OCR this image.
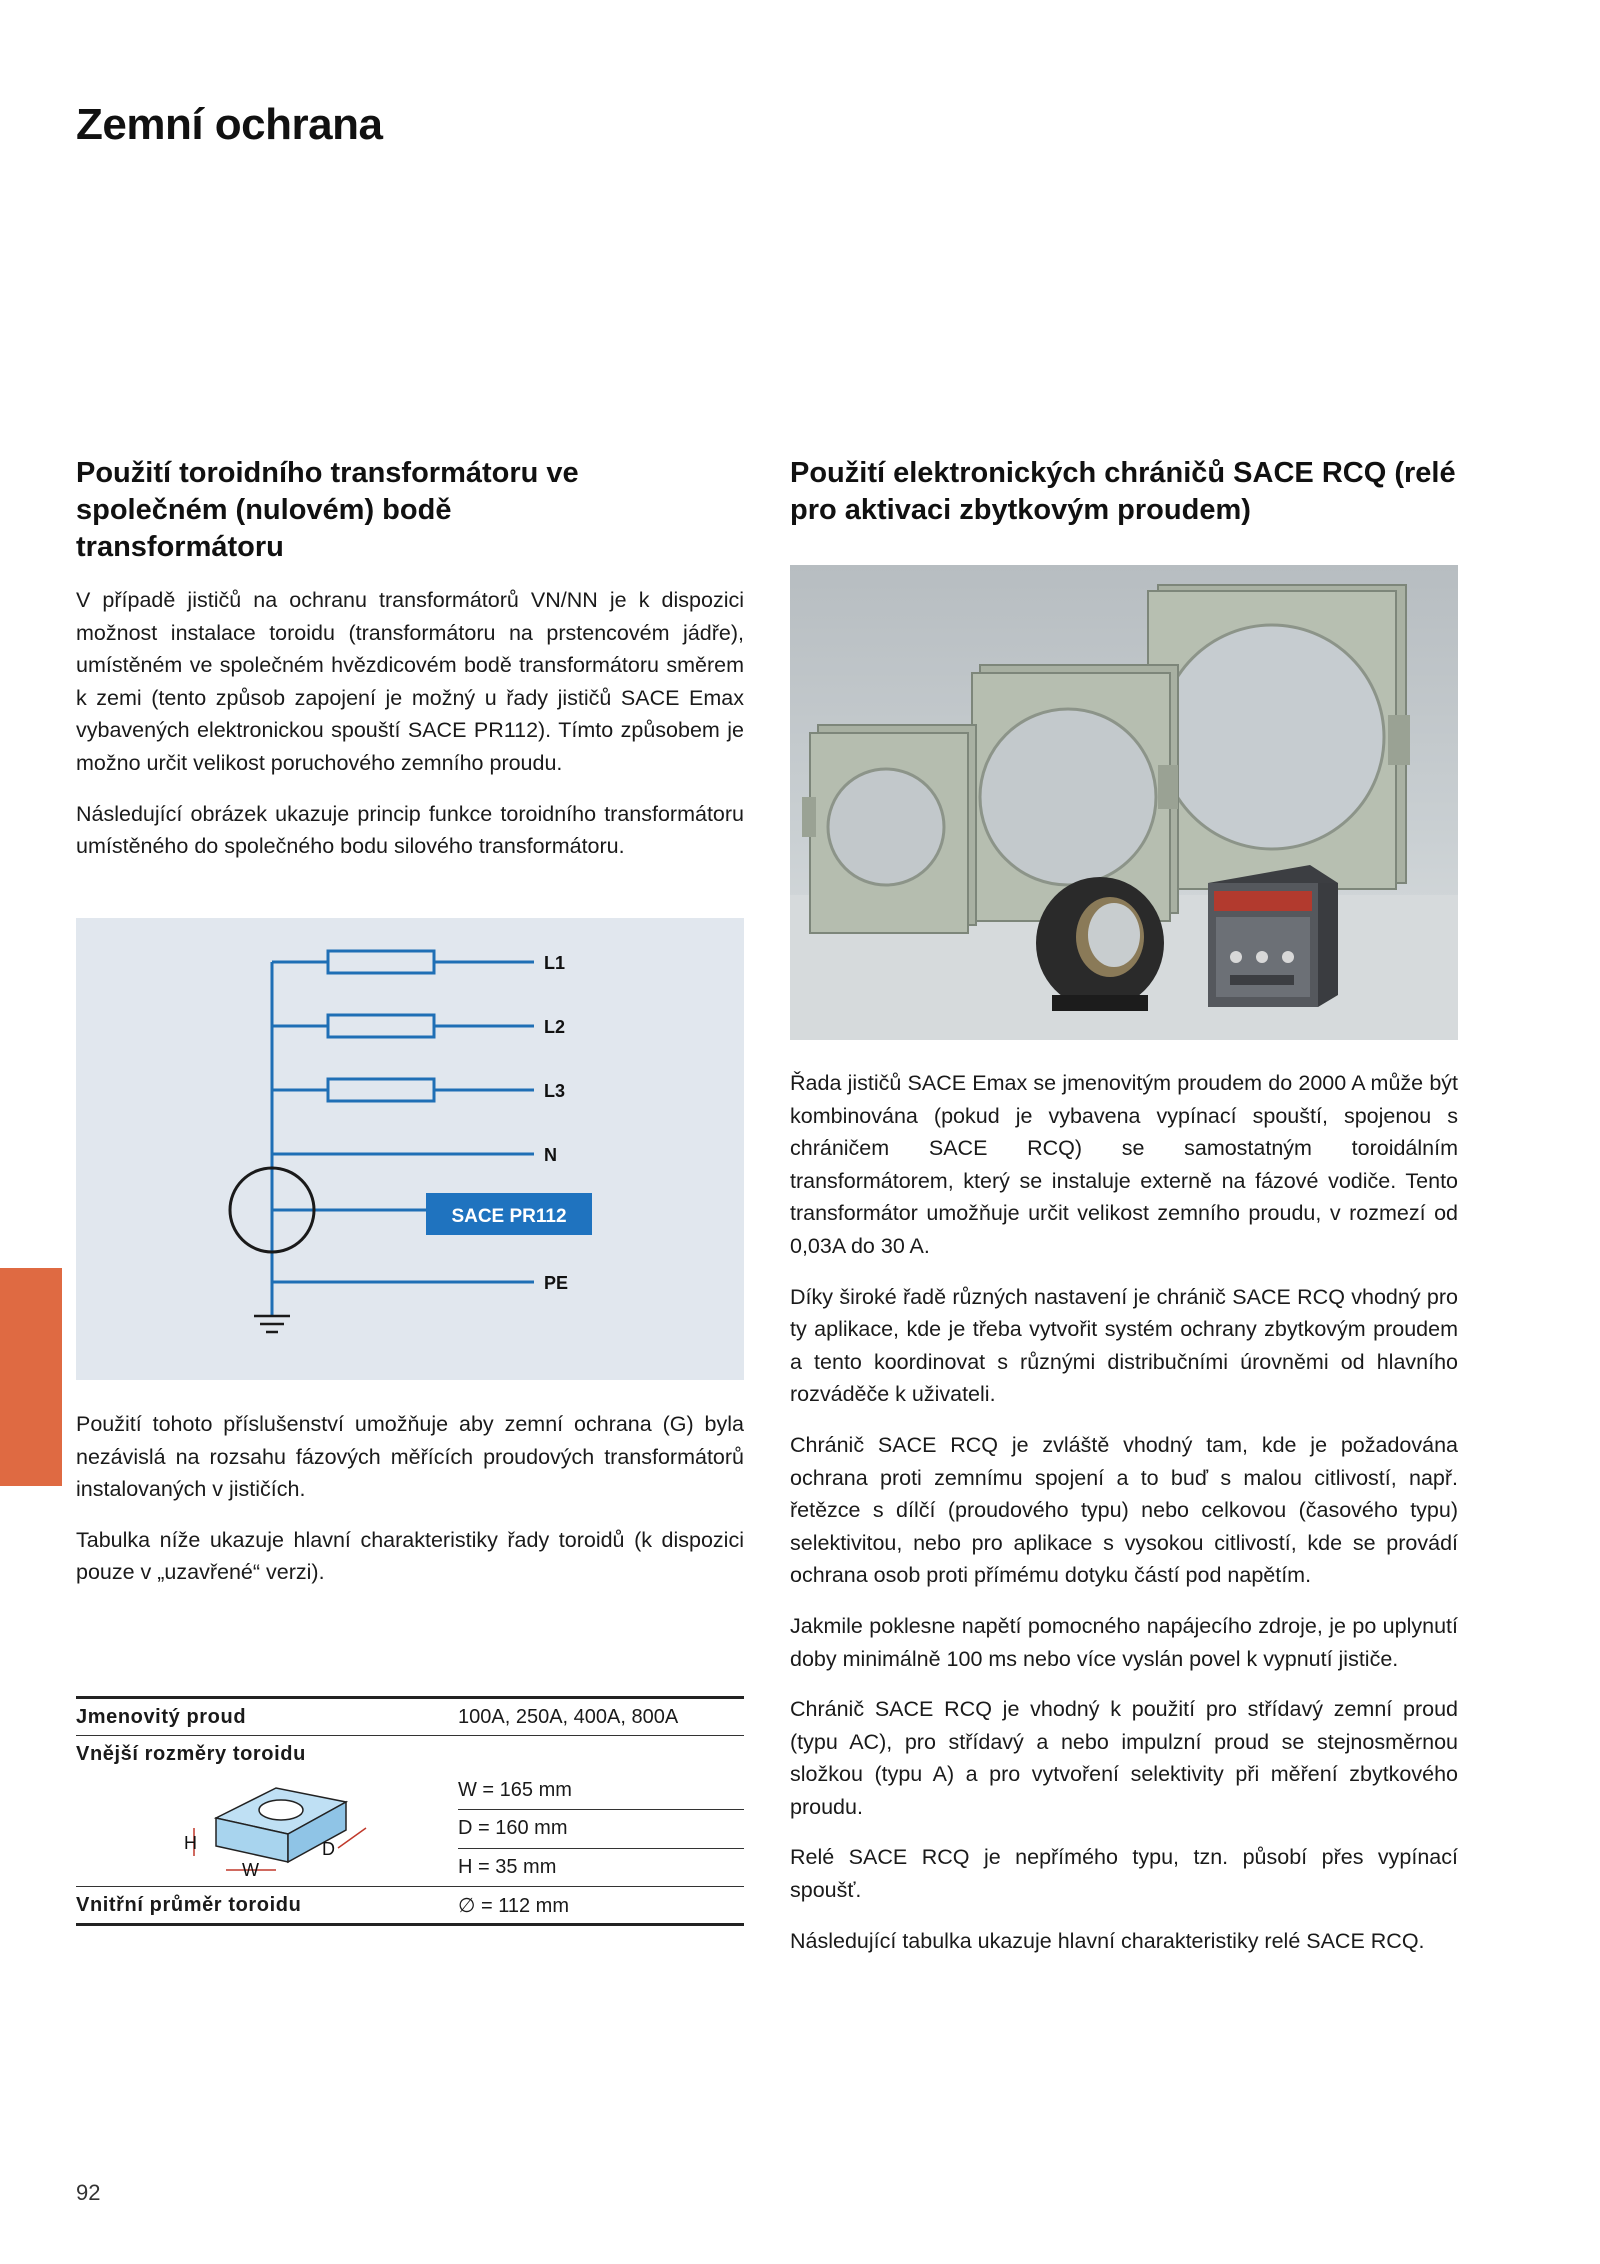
Zemní ochrana
Použití toroidního transformátoru ve společném (nulovém) bodě transformátoru

V případě jističů na ochranu transformátorů VN/NN je k dispozici možnost instalace toroidu (transformátoru na prstencovém jádře), umístěném ve společném hvězdicovém bodě transformátoru směrem k zemi (tento způsob zapojení je možný u řady jističů SACE Emax vybavených elektronickou spouští SACE PR112). Tímto způsobem je možno určit velikost poruchového zemního proudu.

Následující obrázek ukazuje princip funkce toroidního transformátoru umístěného do společného bodu silového transformátoru.

SACE PR112
L1
L2
L3
N
PE

Použití tohoto příslušenství umožňuje aby zemní ochrana (G) byla nezávislá na rozsahu fázových měřících proudových transformátorů instalovaných v jističích.

Tabulka níže ukazuje hlavní charakteristiky řady toroidů (k dispozici pouze v „uzavřené“ verzi).

Jmenovitý proud	100A, 250A, 400A, 800A
Vnější rozměry toroidu	

H
W
D	W = 165 mm
	D = 160 mm
	H = 35 mm
Vnitřní průměr toroidu	∅ = 112 mm
Použití elektronických chráničů SACE RCQ (relé pro aktivaci zbytkovým proudem)

Řada jističů SACE Emax se jmenovitým proudem do 2000 A může být kombinována (pokud je vybavena vypínací spouští, spojenou s chráničem SACE RCQ) se samostatným toroidálním transformátorem, který se instaluje externě na fázové vodiče. Tento transformátor umožňuje určit velikost zemního proudu, v rozmezí od 0,03A do 30 A.

Díky široké řadě různých nastavení je chránič SACE RCQ vhodný pro ty aplikace, kde je třeba vytvořit systém ochrany zbytkovým proudem a tento koordinovat s různými distribučními úrovněmi od hlavního rozváděče k uživateli.

Chránič SACE RCQ je zvláště vhodný tam, kde je požadována ochrana proti zemnímu spojení a to buď s malou citlivostí, např. řetězce s dílčí (proudového typu) nebo celkovou (časového typu) selektivitou, nebo pro aplikace s vysokou citlivostí, kde se provádí ochrana osob proti přímému dotyku částí pod napětím.

Jakmile poklesne napětí pomocného napájecího zdroje, je po uplynutí doby minimálně 100 ms nebo více vyslán povel k vypnutí jističe.

Chránič SACE RCQ je vhodný k použití pro střídavý zemní proud (typu AC), pro střídavý a nebo impulzní proud se stejnosměrnou složkou (typu A) a pro vytvoření selektivity při měření zbytkového proudu.

Relé SACE RCQ je nepřímého typu, tzn. působí přes vypínací spoušť.

Následující tabulka ukazuje hlavní charakteristiky relé SACE RCQ.

92
